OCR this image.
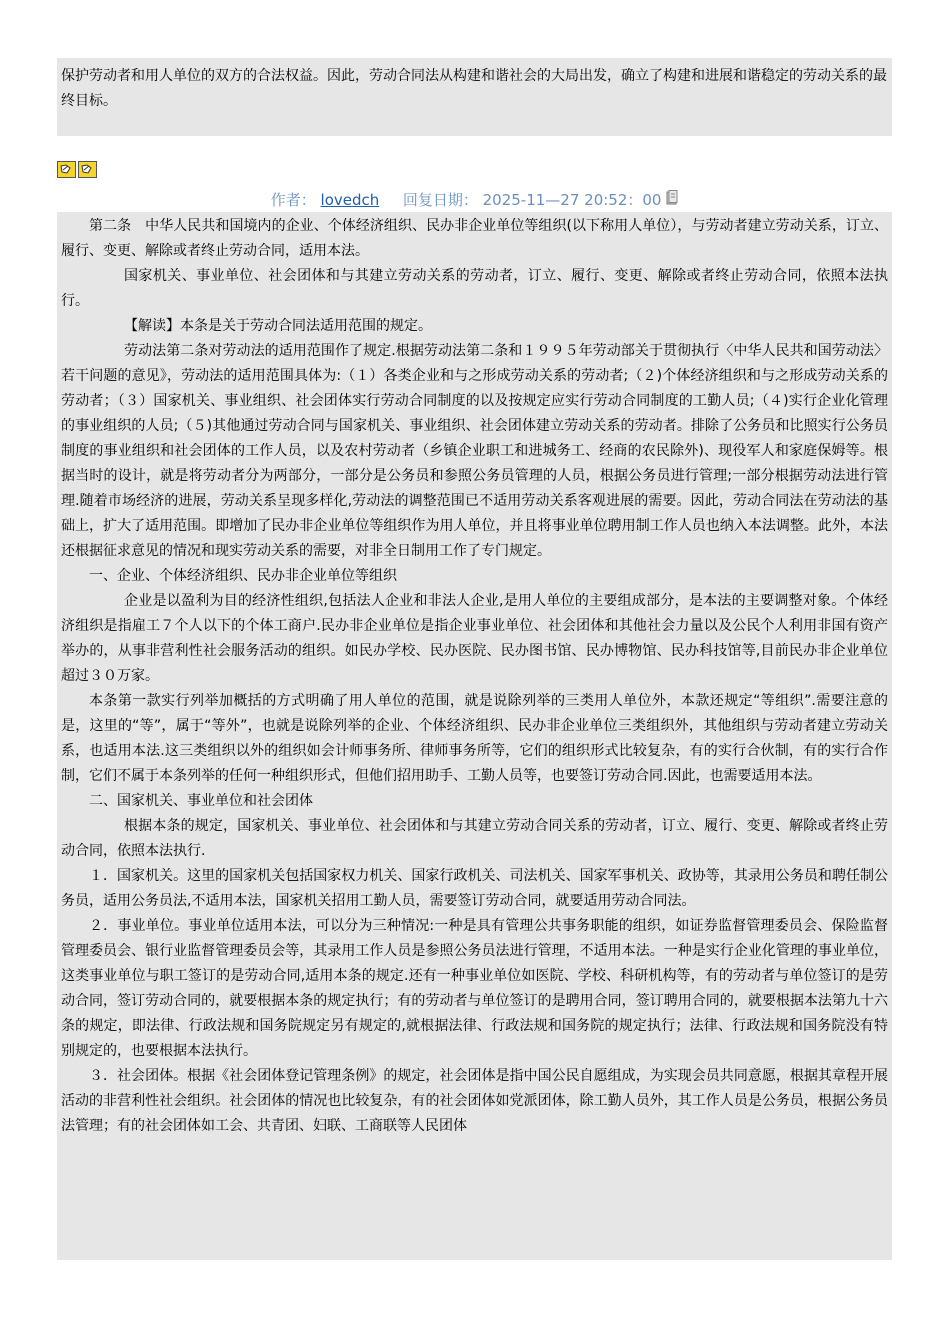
保护劳动者和用人单位的双方的合法权益。因此，劳动合同法从构建和谐社会的大局出发，确立了构建和进展和谐稳定的劳动关系的最终目标。

作者： lovedch 回复日期： 2025-11—27 20:52：00

第二条　中华人民共和国境内的企业、个体经济组织、民办非企业单位等组织(以下称用人单位），与劳动者建立劳动关系，订立、履行、变更、解除或者终止劳动合同，适用本法。

国家机关、事业单位、社会团体和与其建立劳动关系的劳动者，订立、履行、变更、解除或者终止劳动合同，依照本法执行。

【解读】本条是关于劳动合同法适用范围的规定。

劳动法第二条对劳动法的适用范围作了规定.根据劳动法第二条和１９９５年劳动部关于贯彻执行〈中华人民共和国劳动法〉若干问题的意见》，劳动法的适用范围具体为:（１）各类企业和与之形成劳动关系的劳动者;（２)个体经济组织和与之形成劳动关系的劳动者；（３）国家机关、事业组织、社会团体实行劳动合同制度的以及按规定应实行劳动合同制度的工勤人员;（４)实行企业化管理的事业组织的人员;（５)其他通过劳动合同与国家机关、事业组织、社会团体建立劳动关系的劳动者。排除了公务员和比照实行公务员制度的事业组织和社会团体的工作人员，以及农村劳动者（乡镇企业职工和进城务工、经商的农民除外)、现役军人和家庭保姆等。根据当时的设计，就是将劳动者分为两部分，一部分是公务员和参照公务员管理的人员，根据公务员进行管理;一部分根据劳动法进行管理.随着市场经济的进展，劳动关系呈现多样化,劳动法的调整范围已不适用劳动关系客观进展的需要。因此，劳动合同法在劳动法的基础上，扩大了适用范围。即增加了民办非企业单位等组织作为用人单位，并且将事业单位聘用制工作人员也纳入本法调整。此外，本法还根据征求意见的情况和现实劳动关系的需要，对非全日制用工作了专门规定。

一、企业、个体经济组织、民办非企业单位等组织

企业是以盈利为目的经济性组织,包括法人企业和非法人企业,是用人单位的主要组成部分，是本法的主要调整对象。个体经济组织是指雇工７个人以下的个体工商户.民办非企业单位是指企业事业单位、社会团体和其他社会力量以及公民个人利用非国有资产举办的，从事非营利性社会服务活动的组织。如民办学校、民办医院、民办图书馆、民办博物馆、民办科技馆等,目前民办非企业单位超过３０万家。

本条第一款实行列举加概括的方式明确了用人单位的范围，就是说除列举的三类用人单位外，本款还规定“等组织”.需要注意的是，这里的“等”，属于“等外”，也就是说除列举的企业、个体经济组织、民办非企业单位三类组织外，其他组织与劳动者建立劳动关系，也适用本法.这三类组织以外的组织如会计师事务所、律师事务所等，它们的组织形式比较复杂，有的实行合伙制，有的实行合作制，它们不属于本条列举的任何一种组织形式，但他们招用助手、工勤人员等，也要签订劳动合同.因此，也需要适用本法。

二、国家机关、事业单位和社会团体

根据本条的规定，国家机关、事业单位、社会团体和与其建立劳动合同关系的劳动者，订立、履行、变更、解除或者终止劳动合同，依照本法执行.

１．国家机关。这里的国家机关包括国家权力机关、国家行政机关、司法机关、国家军事机关、政协等，其录用公务员和聘任制公务员，适用公务员法,不适用本法，国家机关招用工勤人员，需要签订劳动合同，就要适用劳动合同法。

２．事业单位。事业单位适用本法，可以分为三种情况:一种是具有管理公共事务职能的组织，如证券监督管理委员会、保险监督管理委员会、银行业监督管理委员会等，其录用工作人员是参照公务员法进行管理，不适用本法。一种是实行企业化管理的事业单位，这类事业单位与职工签订的是劳动合同,适用本条的规定.还有一种事业单位如医院、学校、科研机构等，有的劳动者与单位签订的是劳动合同，签订劳动合同的，就要根据本条的规定执行；有的劳动者与单位签订的是聘用合同，签订聘用合同的，就要根据本法第九十六条的规定，即法律、行政法规和国务院规定另有规定的,就根据法律、行政法规和国务院的规定执行；法律、行政法规和国务院没有特别规定的，也要根据本法执行。

３．社会团体。根据《社会团体登记管理条例》的规定，社会团体是指中国公民自愿组成，为实现会员共同意愿，根据其章程开展活动的非营利性社会组织。社会团体的情况也比较复杂，有的社会团体如党派团体，除工勤人员外，其工作人员是公务员，根据公务员法管理；有的社会团体如工会、共青团、妇联、工商联等人民团体
